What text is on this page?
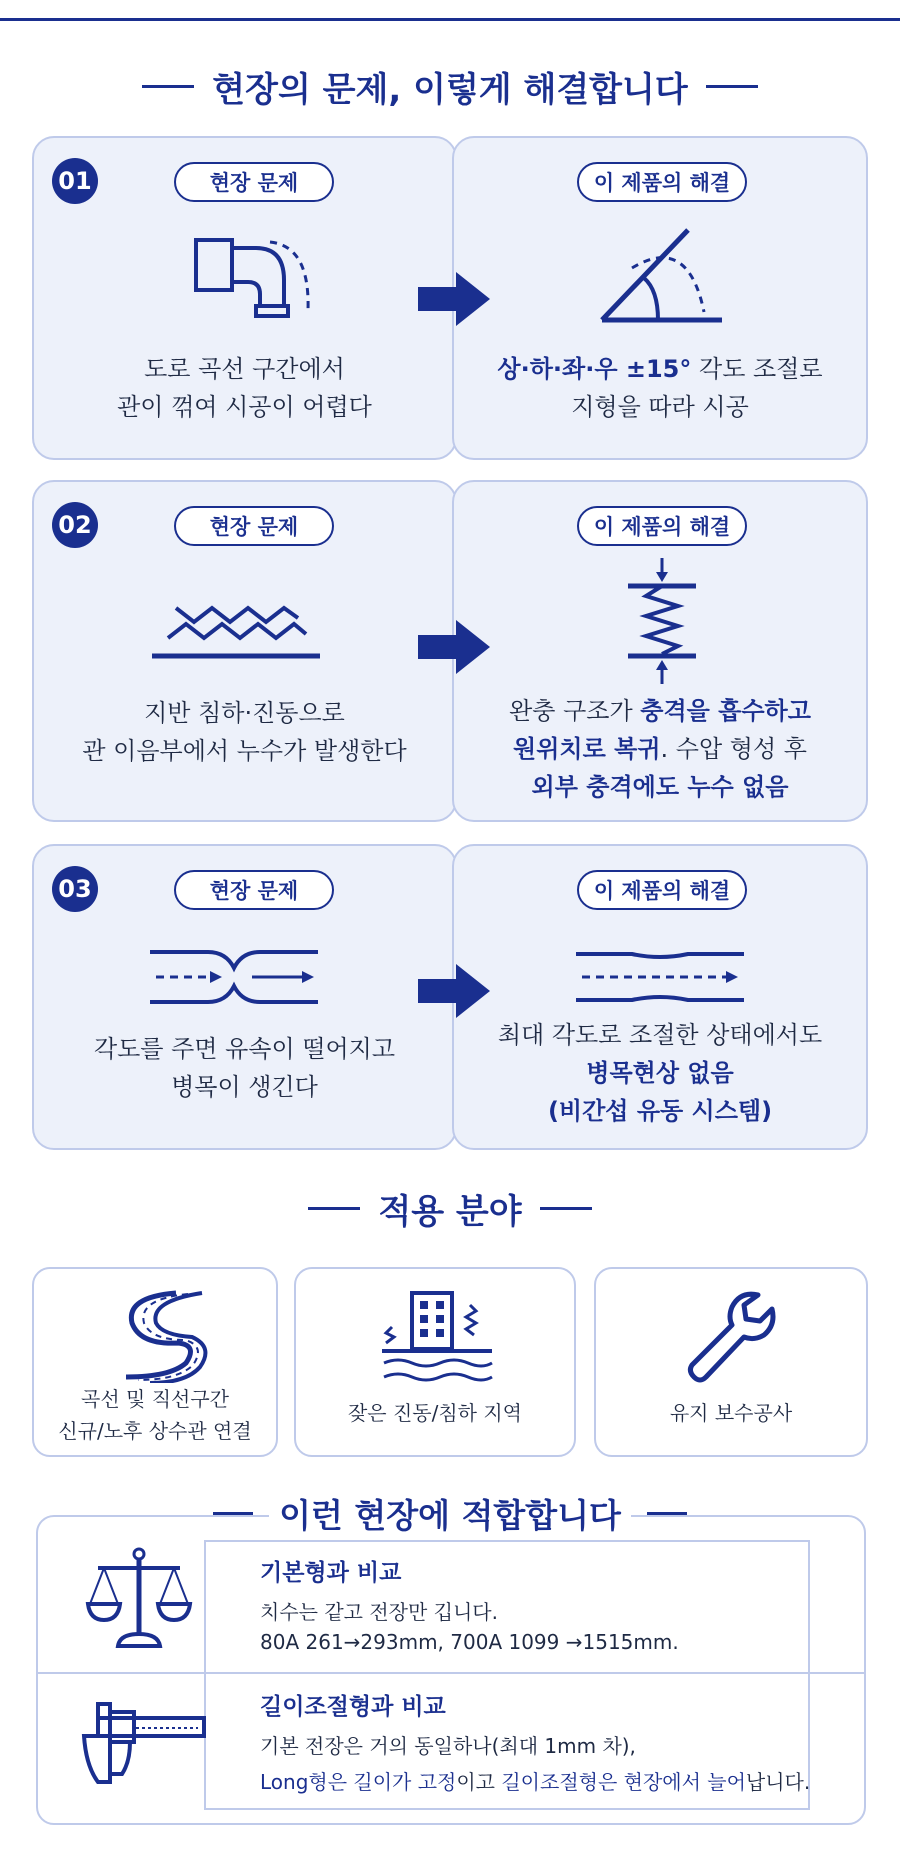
현장의 문제, 이렇게 해결합니다
01	현장 문제
도로 곡선 구간에서
관이 꺾여 시공이 어렵다
이 제품의 해결
상·하·좌·우 ±15° 각도 조절로
지형을 따라 시공
02	현장 문제
지반 침하·진동으로
관 이음부에서 누수가 발생한다
이 제품의 해결
완충 구조가 충격을 흡수하고
원위치로 복귀. 수압 형성 후
외부 충격에도 누수 없음
03	현장 문제
각도를 주면 유속이 떨어지고
병목이 생긴다
이 제품의 해결
최대 각도로 조절한 상태에서도
병목현상 없음
(비간섭 유동 시스템)
적용 분야
곡선 및 직선구간
신규/노후 상수관 연결
잦은 진동/침하 지역	유지 보수공사
이런 현장에 적합합니다
기본형과 비교
치수는 같고 전장만 깁니다.
80A 261→293mm, 700A 1099 →1515mm.
길이조절형과 비교
기본 전장은 거의 동일하나(최대 1mm 차),
Long형은 길이가 고정이고 길이조절형은 현장에서 늘어납니다.
